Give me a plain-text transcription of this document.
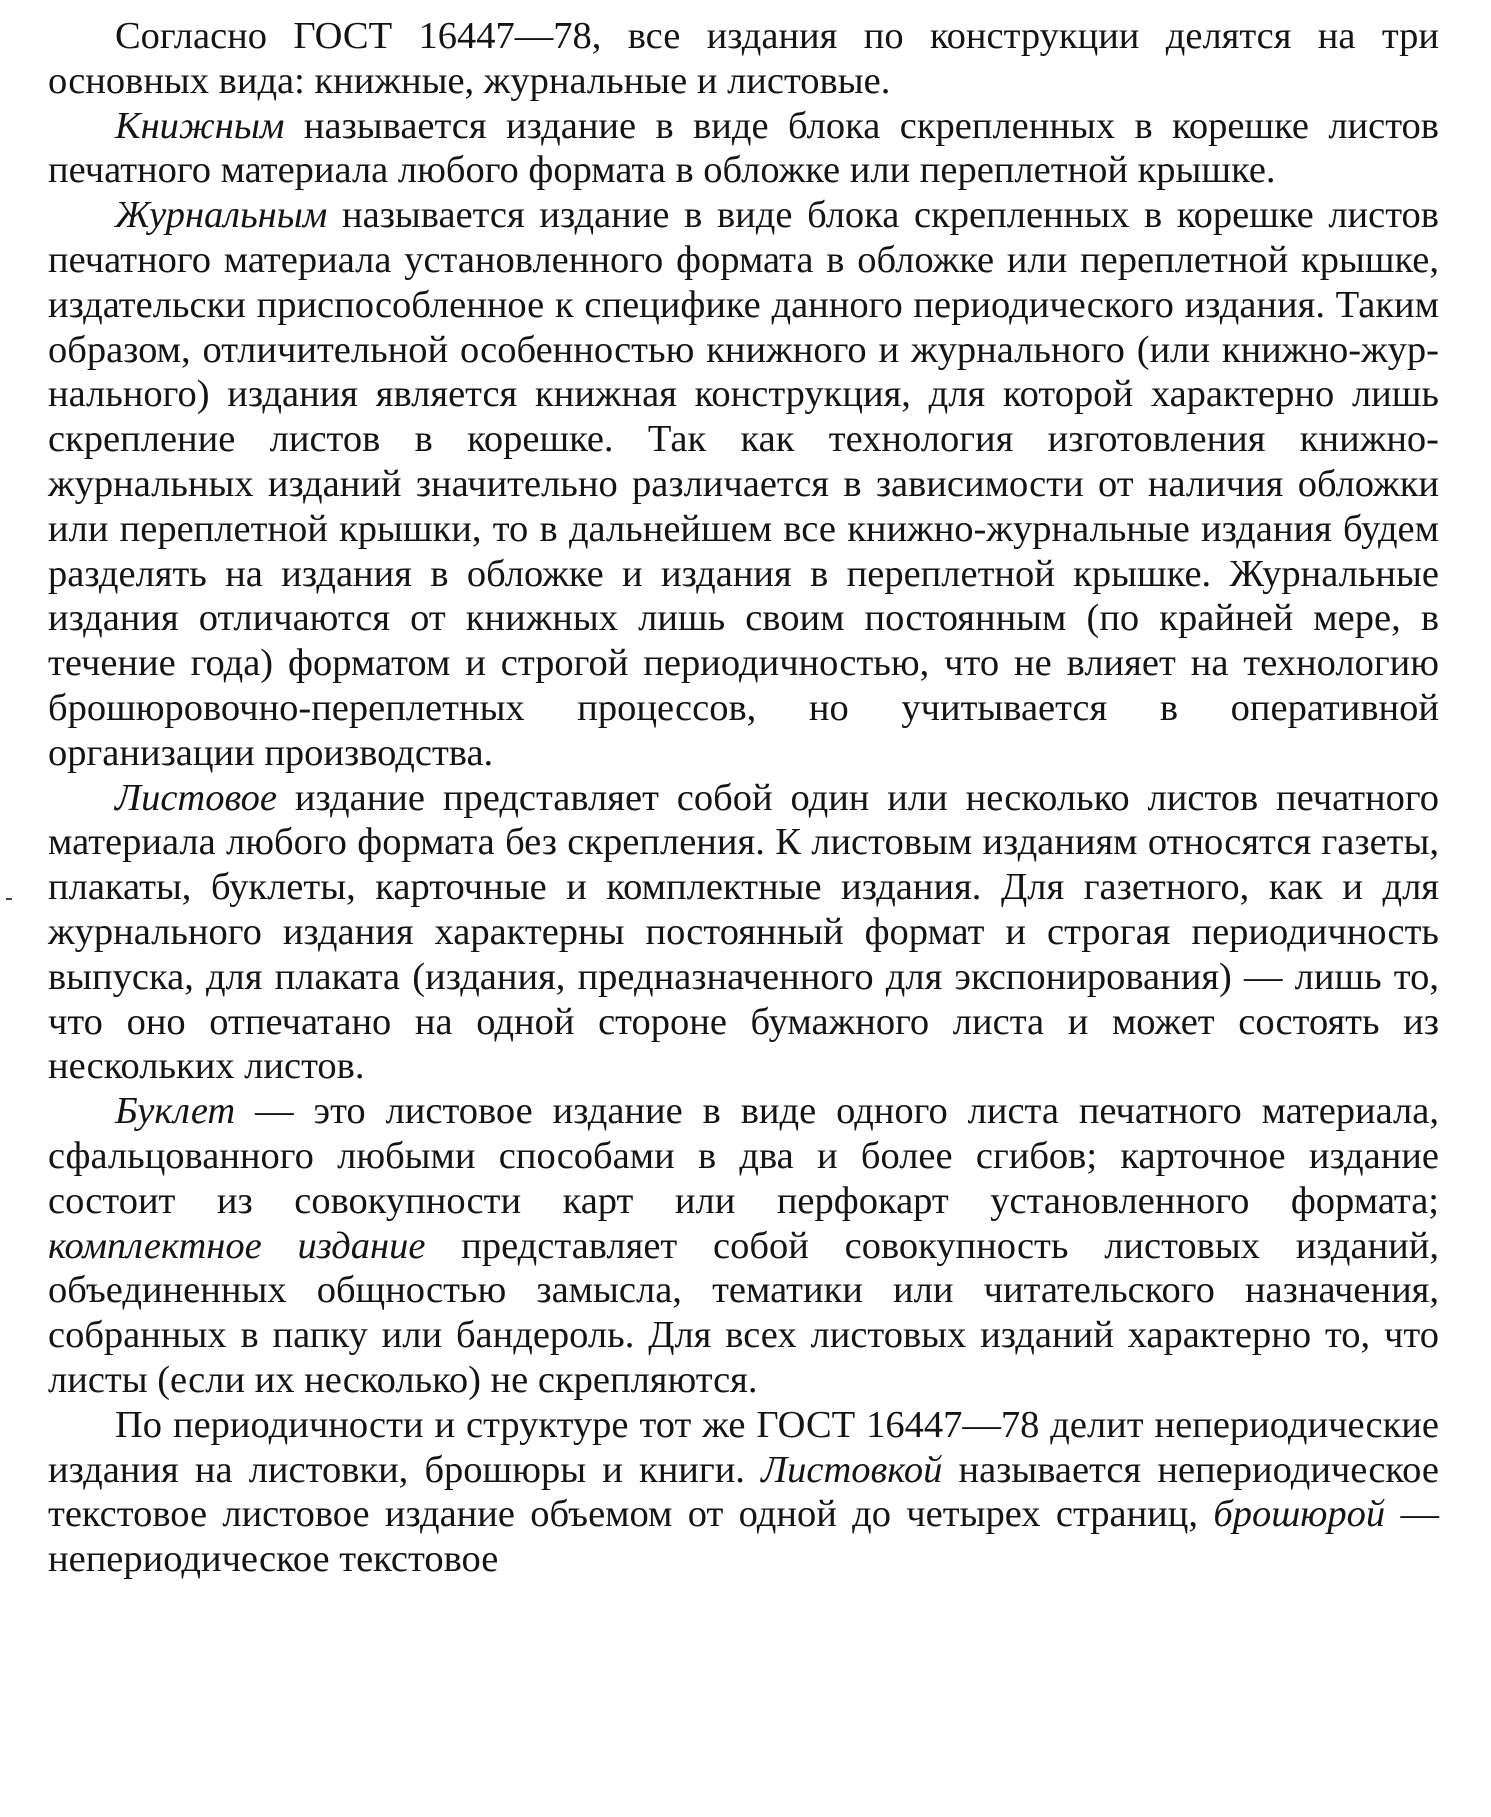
Согласно ГОСТ 16447—78, все издания по конструкции делятся на три основных вида: книжные, журнальные и листовые.

Книжным называется издание в виде блока скрепленных в корешке листов печатного материала любого формата в обложке или переплетной крышке.

Журнальным называется издание в виде блока скрепленных в корешке листов печатного материала установленного формата в обложке или переплетной крышке, издательски приспособленное к специфике данного периодического издания. Таким образом, отличительной особенностью книжного и журнального (или книжно-журнального) издания является книжная конструкция, для которой характерно лишь скрепление листов в корешке. Так как технология изготовления книжно-журнальных изданий значительно различается в зависимости от наличия обложки или переплетной крышки, то в дальнейшем все книжно-журнальные издания будем разделять на издания в обложке и издания в переплетной крышке. Журнальные издания отличаются от книжных лишь своим постоянным (по крайней мере, в течение года) форматом и строгой периодичностью, что не влияет на технологию брошюровочно-переплетных процессов, но учитывается в оперативной организации производства.

Листовое издание представляет собой один или несколько листов печатного материала любого формата без скрепления. К листовым изданиям относятся газеты, плакаты, буклеты, карточные и комплектные издания. Для газетного, как и для журнального издания характерны постоянный формат и строгая периодичность выпуска, для плаката (издания, предназначенного для экспонирования) — лишь то, что оно отпечатано на одной стороне бумажного листа и может состоять из нескольких листов.

Буклет — это листовое издание в виде одного листа печатного материала, сфальцованного любыми способами в два и более сгибов; карточное издание состоит из совокупности карт или перфокарт установленного формата; комплектное издание представляет собой совокупность листовых изданий, объединенных общностью замысла, тематики или читательского назначения, собранных в папку или бандероль. Для всех листовых изданий характерно то, что листы (если их несколько) не скрепляются.

По периодичности и структуре тот же ГОСТ 16447—78 делит непериодические издания на листовки, брошюры и книги. Листовкой называется непериодическое текстовое листовое издание объемом от одной до четырех страниц, брошюрой — непериодическое текстовое
